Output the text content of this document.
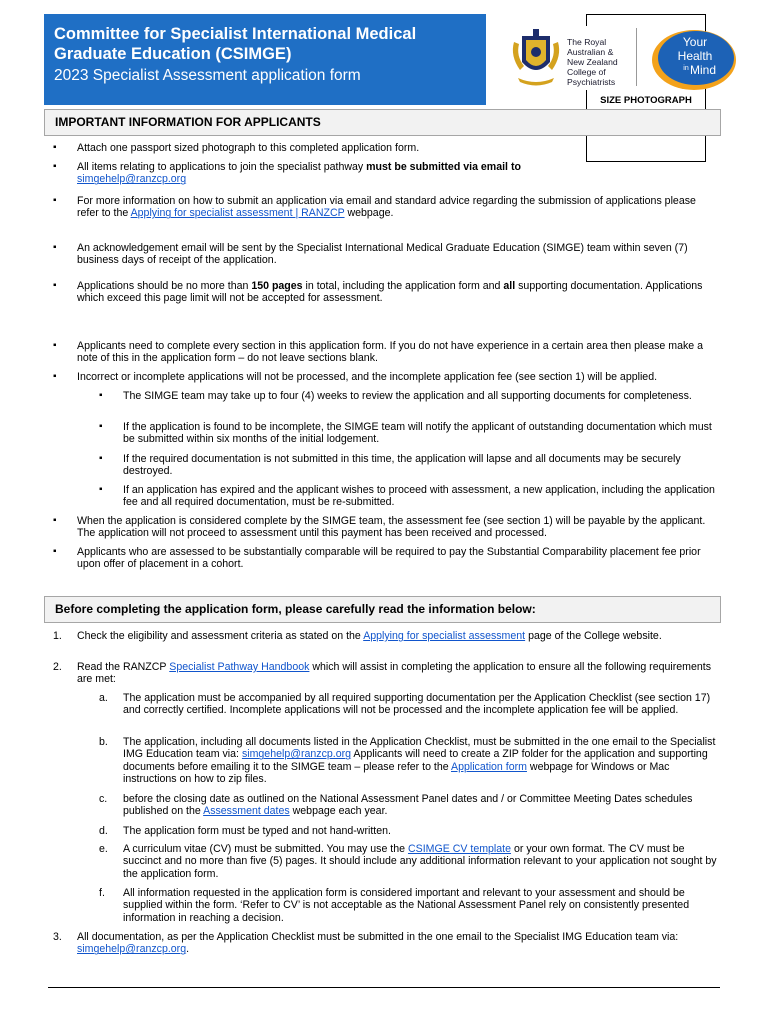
Committee for Specialist International Medical Graduate Education (CSIMGE)
2023 Specialist Assessment application form
SIZE PHOTOGRAPH
The Royal
Australian &
New Zealand
College of
Psychiatrists
Your
Health
in Mind
IMPORTANT INFORMATION FOR APPLICANTS
▪ Attach one passport sized photograph to this completed application form.
▪ All items relating to applications to join the specialist pathway must be submitted via email to
simgehelp@ranzcp.org
▪ For more information on how to submit an application via email and standard advice regarding the submission of applications please refer to the Applying for specialist assessment | RANZCP webpage.
▪ An acknowledgement email will be sent by the Specialist International Medical Graduate Education (SIMGE) team within seven (7) business days of receipt of the application.
▪ Applications should be no more than 150 pages in total, including the application form and all supporting documentation. Applications which exceed this page limit will not be accepted for assessment.
▪ Applicants need to complete every section in this application form. If you do not have experience in a certain area then please make a note of this in the application form – do not leave sections blank.
▪ Incorrect or incomplete applications will not be processed, and the incomplete application fee (see section 1) will be applied.
▪ The SIMGE team may take up to four (4) weeks to review the application and all supporting documents for completeness.
▪ If the application is found to be incomplete, the SIMGE team will notify the applicant of outstanding documentation which must be submitted within six months of the initial lodgement.
▪ If the required documentation is not submitted in this time, the application will lapse and all documents may be securely destroyed.
▪ If an application has expired and the applicant wishes to proceed with assessment, a new application, including the application fee and all required documentation, must be re-submitted.
▪ When the application is considered complete by the SIMGE team, the assessment fee (see section 1) will be payable by the applicant. The application will not proceed to assessment until this payment has been received and processed.
▪ Applicants who are assessed to be substantially comparable will be required to pay the Substantial Comparability placement fee prior upon offer of placement in a cohort.
Before completing the application form, please carefully read the information below:
1. Check the eligibility and assessment criteria as stated on the Applying for specialist assessment page of the College website.
2. Read the RANZCP Specialist Pathway Handbook which will assist in completing the application to ensure all the following requirements are met:
a. The application must be accompanied by all required supporting documentation per the Application Checklist (see section 17) and correctly certified. Incomplete applications will not be processed and the incomplete application fee will be applied.
b. The application, including all documents listed in the Application Checklist, must be submitted in the one email to the Specialist IMG Education team via: simgehelp@ranzcp.org Applicants will need to create a ZIP folder for the application and supporting documents before emailing it to the SIMGE team – please refer to the Application form webpage for Windows or Mac instructions on how to zip files.
c. before the closing date as outlined on the National Assessment Panel dates and / or Committee Meeting Dates schedules published on the Assessment dates webpage each year.
d. The application form must be typed and not hand-written.
e. A curriculum vitae (CV) must be submitted. You may use the CSIMGE CV template or your own format. The CV must be succinct and no more than five (5) pages. It should include any additional information relevant to your application not sought by the application form.
f. All information requested in the application form is considered important and relevant to your assessment and should be supplied within the form. ‘Refer to CV’ is not acceptable as the National Assessment Panel rely on consistently presented information in reaching a decision.
3. All documentation, as per the Application Checklist must be submitted in the one email to the Specialist IMG Education team via: simgehelp@ranzcp.org.
